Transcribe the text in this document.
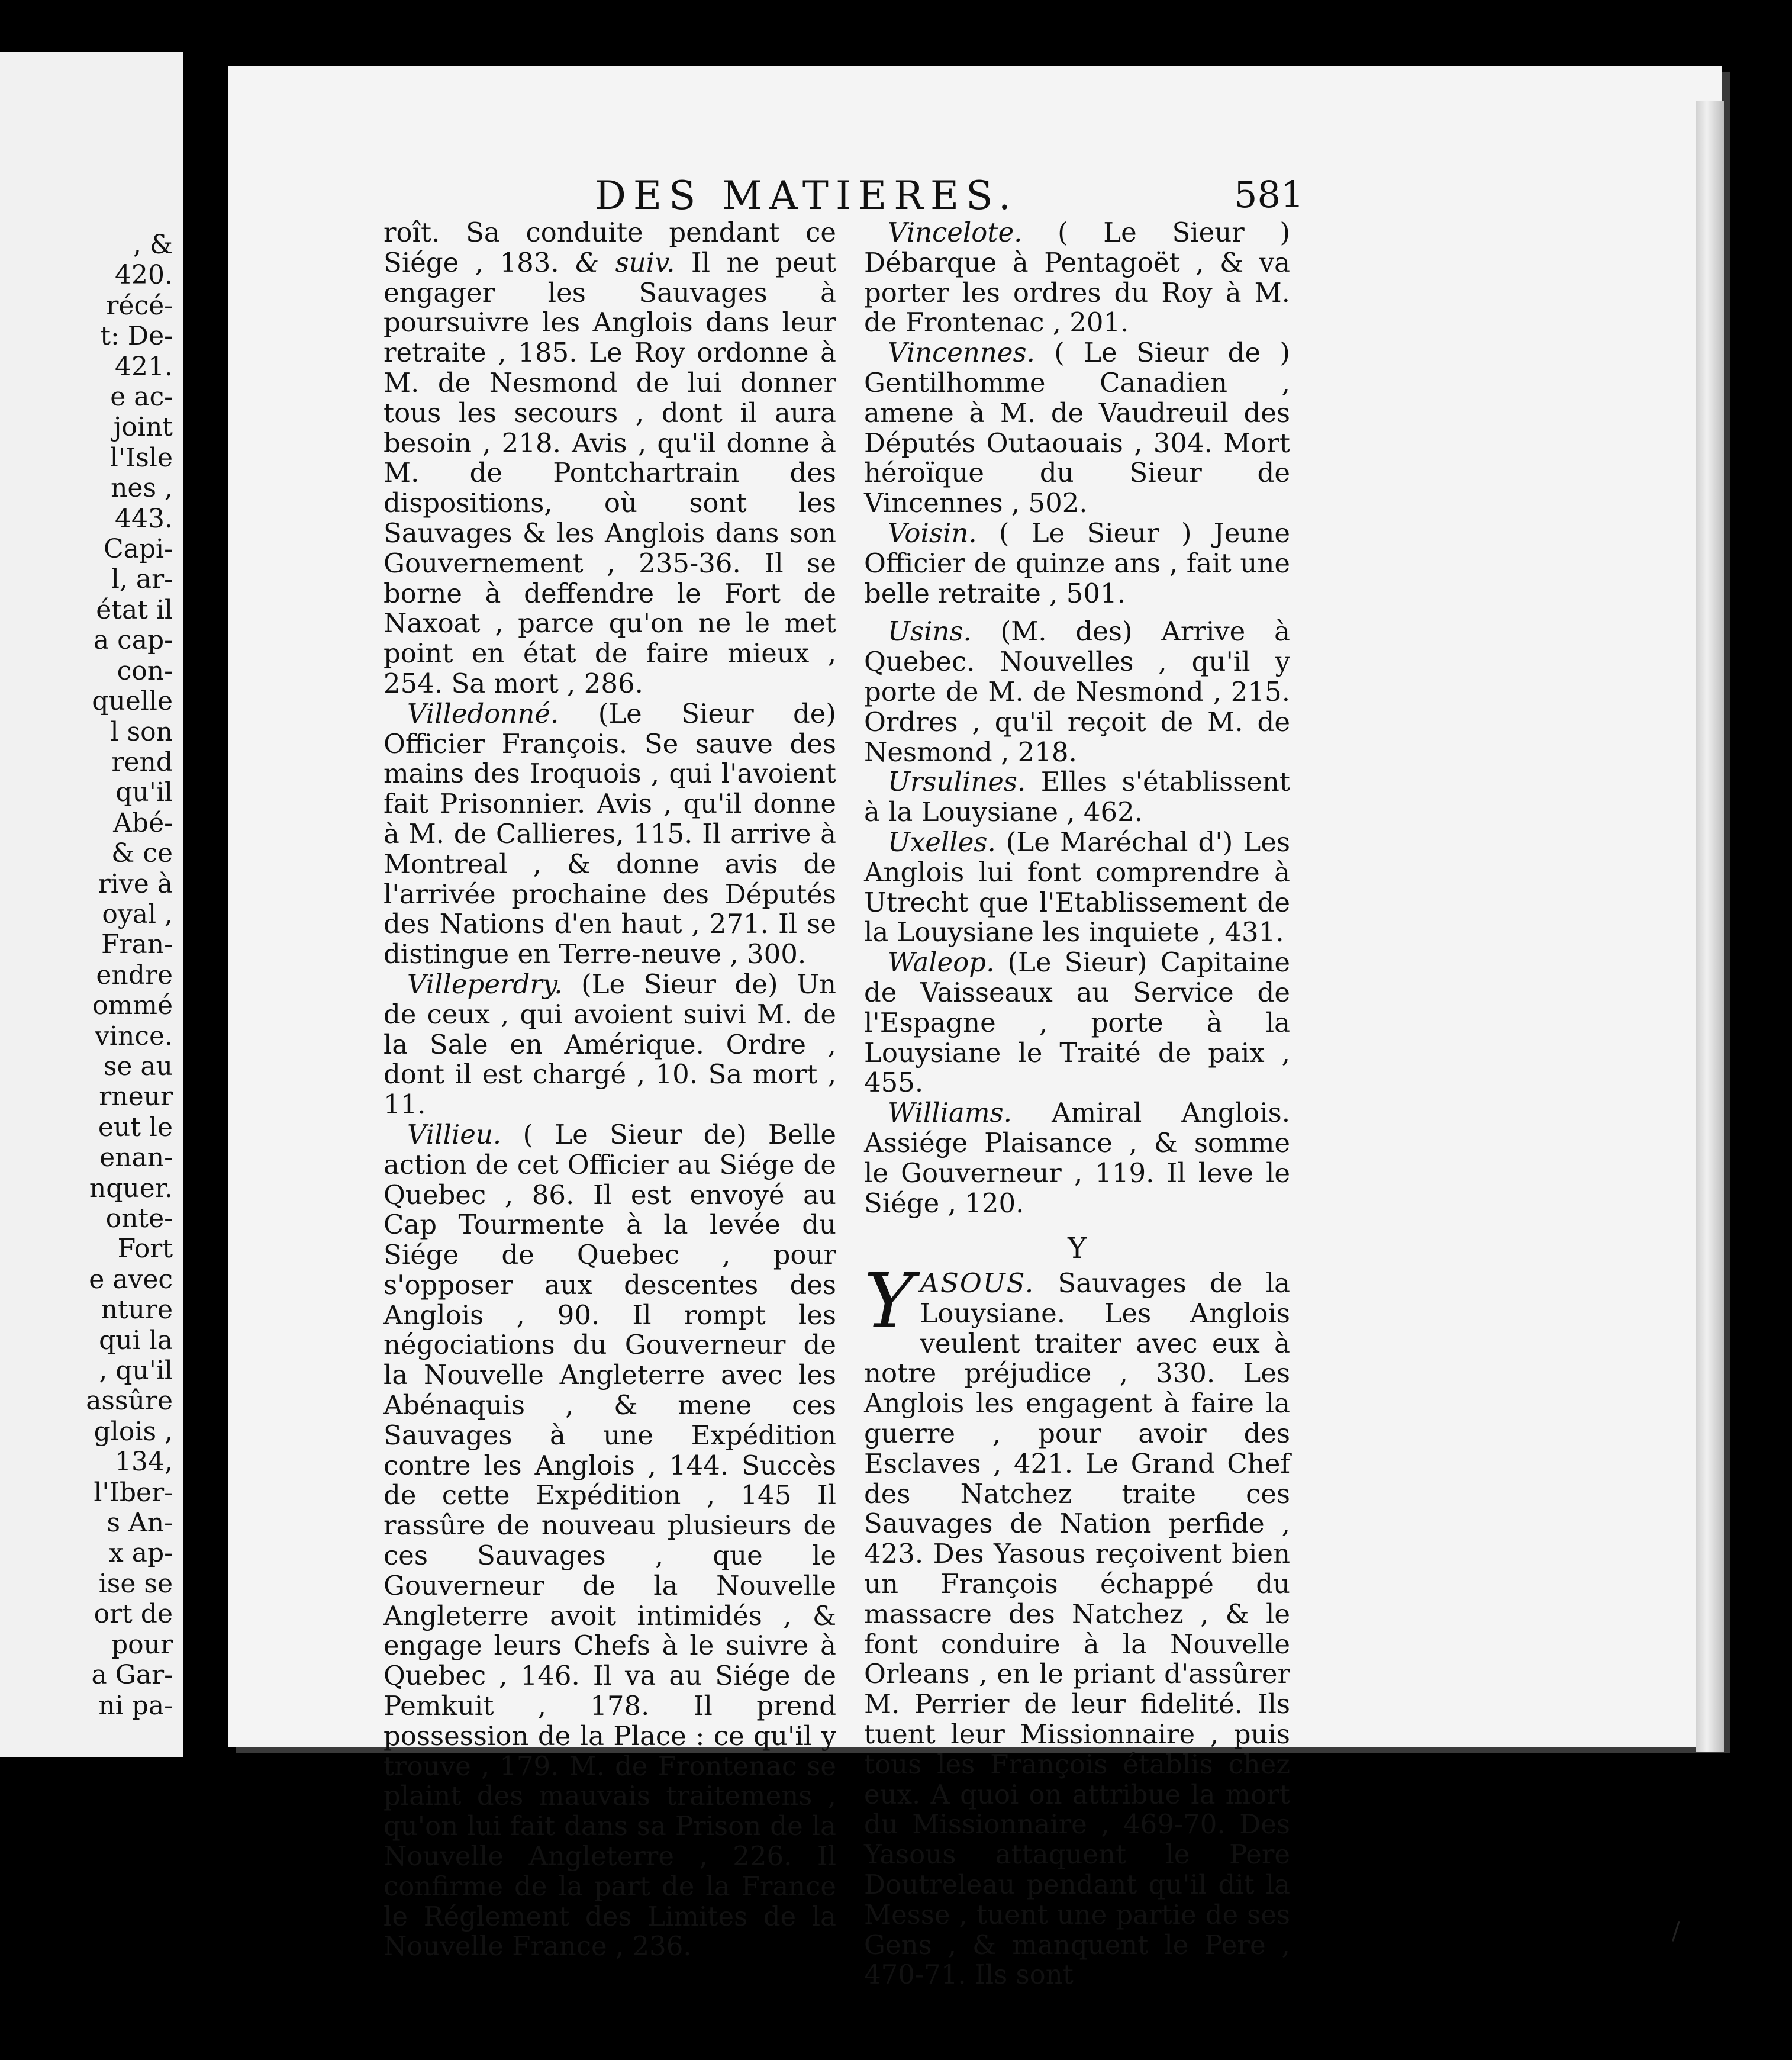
, &
420.
récé-
t: De-
421.
e ac-
joint
l'Isle
nes ,
443.
Capi-
l, ar-
état il
a cap-
con-
quelle
l son
rend
qu'il
Abé-
& ce
rive à
oyal ,
Fran-
endre
ommé
vince.
se au
rneur
eut le
enan-
nquer.
onte-
Fort
e avec
nture
qui la
, qu'il
assûre
glois ,
134,
l'Iber-
s An-
x ap-
ise se
ort de
pour
a Gar-
ni pa-
DES MATIERES.	581

roît. Sa conduite pendant ce Siége , 183. & suiv. Il ne peut engager les Sauvages à poursuivre les Anglois dans leur retraite , 185. Le Roy ordonne à M. de Nesmond de lui donner tous les secours , dont il aura besoin , 218. Avis , qu'il donne à M. de Pontchartrain des dispositions, où sont les Sauvages & les Anglois dans son Gouvernement , 235-36. Il se borne à deffendre le Fort de Naxoat , parce qu'on ne le met point en état de faire mieux , 254. Sa mort , 286.

Villedonné. (Le Sieur de) Officier François. Se sauve des mains des Iroquois , qui l'avoient fait Prisonnier. Avis , qu'il donne à M. de Callieres, 115. Il arrive à Montreal , & donne avis de l'arrivée prochaine des Députés des Nations d'en haut , 271. Il se distingue en Terre-neuve , 300.

Villeperdry. (Le Sieur de) Un de ceux , qui avoient suivi M. de la Sale en Amérique. Ordre , dont il est chargé , 10. Sa mort , 11.

Villieu. ( Le Sieur de) Belle action de cet Officier au Siége de Quebec , 86. Il est envoyé au Cap Tourmente à la levée du Siége de Quebec , pour s'opposer aux descentes des Anglois , 90. Il rompt les négociations du Gouverneur de la Nouvelle Angleterre avec les Abénaquis , & mene ces Sauvages à une Expédition contre les Anglois , 144. Succès de cette Expédition , 145 Il rassûre de nouveau plusieurs de ces Sauvages , que le Gouverneur de la Nouvelle Angleterre avoit intimidés , & engage leurs Chefs à le suivre à Quebec , 146. Il va au Siége de Pemkuit , 178. Il prend possession de la Place : ce qu'il y trouve , 179. M. de Frontenac se plaint des mauvais traitemens , qu'on lui fait dans sa Prison de la Nouvelle Angleterre , 226. Il confirme de la part de la France le Réglement des Limites de la Nouvelle France , 236.

Vincelote. ( Le Sieur ) Débarque à Pentagoët , & va porter les ordres du Roy à M. de Frontenac , 201.

Vincennes. ( Le Sieur de ) Gentilhomme Canadien , amene à M. de Vaudreuil des Députés Outaouais , 304. Mort héroïque du Sieur de Vincennes , 502.

Voisin. ( Le Sieur ) Jeune Officier de quinze ans , fait une belle retraite , 501.

Usins. (M. des) Arrive à Quebec. Nouvelles , qu'il y porte de M. de Nesmond , 215. Ordres , qu'il reçoit de M. de Nesmond , 218.

Ursulines. Elles s'établissent à la Louysiane , 462.

Uxelles. (Le Maréchal d') Les Anglois lui font comprendre à Utrecht que l'Etablissement de la Louysiane les inquiete , 431.

Waleop. (Le Sieur) Capitaine de Vaisseaux au Service de l'Espagne , porte à la Louysiane le Traité de paix , 455.

Williams. Amiral Anglois. Assiége Plaisance , & somme le Gouverneur , 119. Il leve le Siége , 120.

Y

YASOUS. Sauvages de la Louysiane. Les Anglois veulent traiter avec eux à notre préjudice , 330. Les Anglois les engagent à faire la guerre , pour avoir des Esclaves , 421. Le Grand Chef des Natchez traite ces Sauvages de Nation perfide , 423. Des Yasous reçoivent bien un François échappé du massacre des Natchez , & le font conduire à la Nouvelle Orleans , en le priant d'assûrer M. Perrier de leur fidelité. Ils tuent leur Missionnaire , puis tous les François établis chez eux. A quoi on attribue la mort du Missionnaire , 469-70. Des Yasous attaquent le Pere Doutreleau pendant qu'il dit la Messe , tuent une partie de ses Gens , & manquent le Pere , 470-71. Ils sont

/
